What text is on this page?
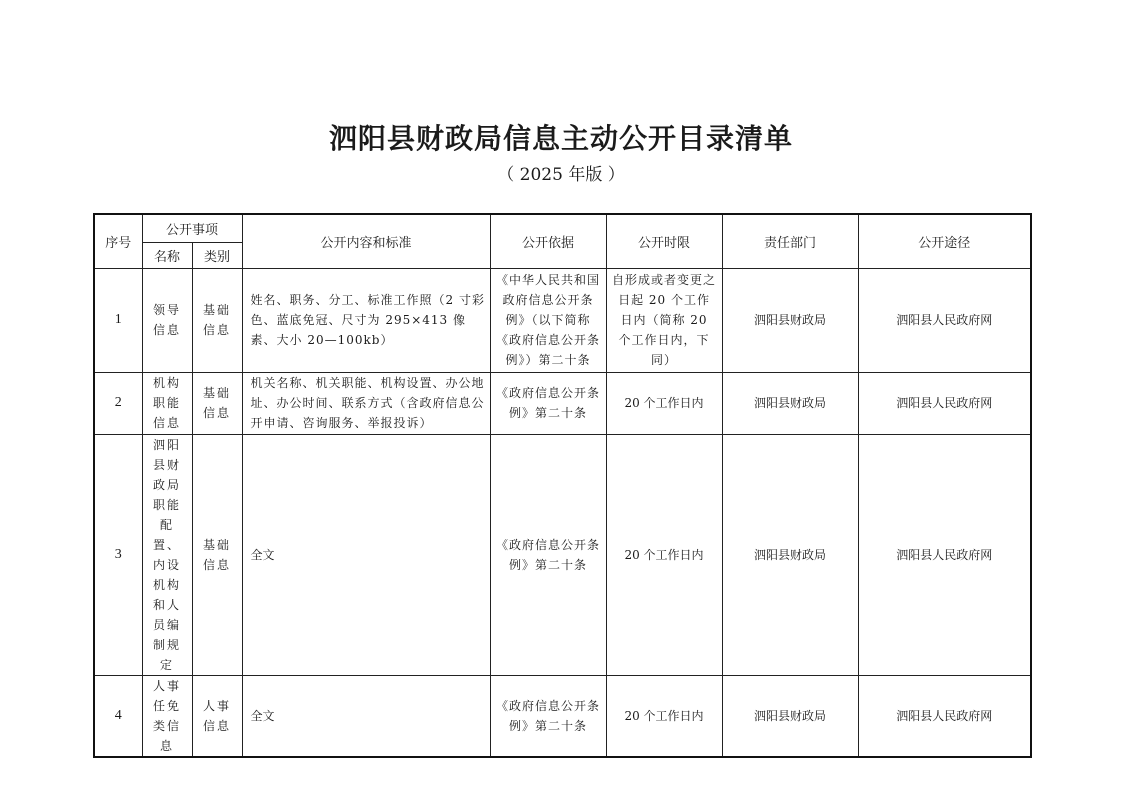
泗阳县财政局信息主动公开目录清单
（ 2025 年版 ）
序号	公开事项		公开内容和标准	公开依据	公开时限	责任部门	公开途径
	名称	类别					
1	领导信息	基础信息	姓名、职务、分工、标准工作照（2 寸彩色、蓝底免冠、尺寸为 295×413 像素、大小 20—100kb）	《中华人民共和国政府信息公开条例》（以下简称《政府信息公开条例》）第二十条	自形成或者变更之日起 20 个工作日内（简称 20 个工作日内，下同）	泗阳县财政局	泗阳县人民政府网
2	机构职能信息	基础信息	机关名称、机关职能、机构设置、办公地址、办公时间、联系方式（含政府信息公开申请、咨询服务、举报投诉）	《政府信息公开条例》第二十条	20 个工作日内	泗阳县财政局	泗阳县人民政府网
3	泗阳县财政局职能配置、内设机构和人员编制规定	基础信息	全文	《政府信息公开条例》第二十条	20 个工作日内	泗阳县财政局	泗阳县人民政府网
4	人事任免类信息	人事信息	全文	《政府信息公开条例》第二十条	20 个工作日内	泗阳县财政局	泗阳县人民政府网
